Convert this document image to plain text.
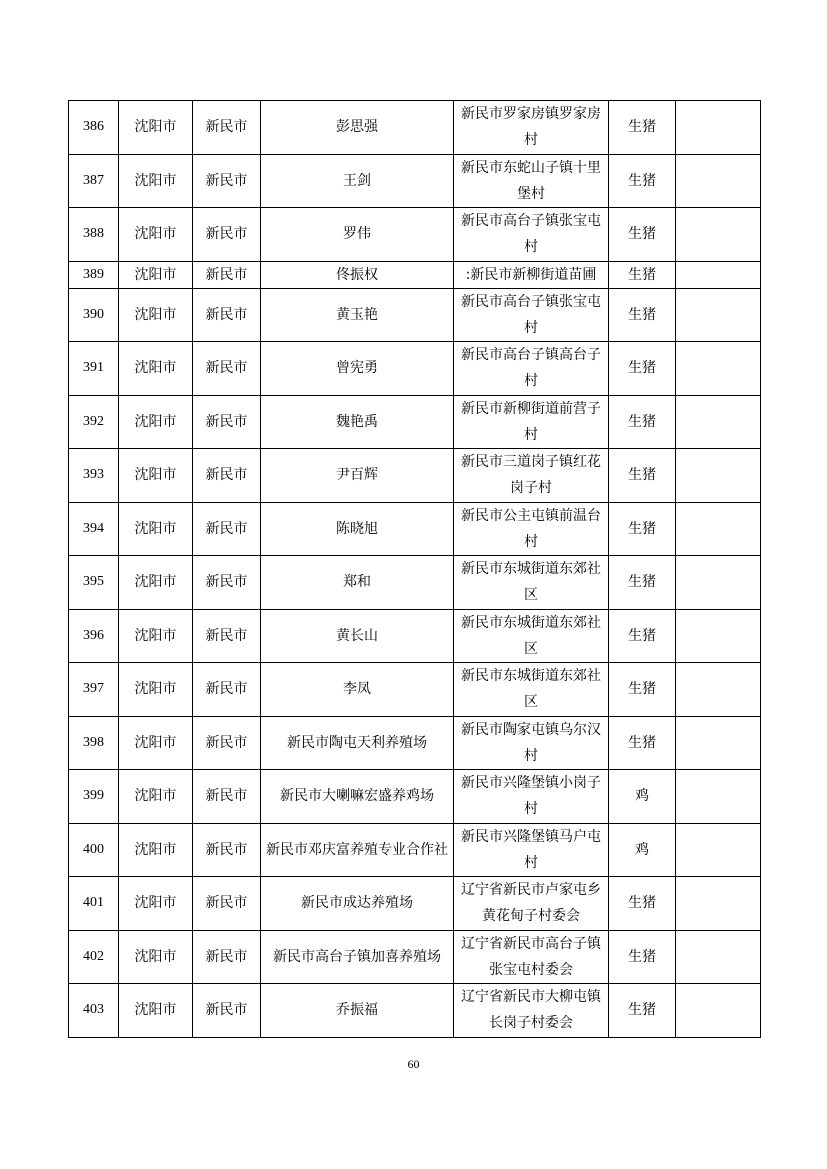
386	沈阳市	新民市	彭思强	新民市罗家房镇罗家房村	生猪	
387	沈阳市	新民市	王剑	新民市东蛇山子镇十里堡村	生猪	
388	沈阳市	新民市	罗伟	新民市高台子镇张宝屯村	生猪	
389	沈阳市	新民市	佟振权	:新民市新柳街道苗圃	生猪	
390	沈阳市	新民市	黄玉艳	新民市高台子镇张宝屯村	生猪	
391	沈阳市	新民市	曾宪勇	新民市高台子镇高台子村	生猪	
392	沈阳市	新民市	魏艳禹	新民市新柳街道前营子村	生猪	
393	沈阳市	新民市	尹百辉	新民市三道岗子镇红花岗子村	生猪	
394	沈阳市	新民市	陈晓旭	新民市公主屯镇前温台村	生猪	
395	沈阳市	新民市	郑和	新民市东城街道东郊社区	生猪	
396	沈阳市	新民市	黄长山	新民市东城街道东郊社区	生猪	
397	沈阳市	新民市	李凤	新民市东城街道东郊社区	生猪	
398	沈阳市	新民市	新民市陶屯天利养殖场	新民市陶家屯镇乌尔汉村	生猪	
399	沈阳市	新民市	新民市大喇嘛宏盛养鸡场	新民市兴隆堡镇小岗子村	鸡	
400	沈阳市	新民市	新民市邓庆富养殖专业合作社	新民市兴隆堡镇马户屯村	鸡	
401	沈阳市	新民市	新民市成达养殖场	辽宁省新民市卢家屯乡黄花甸子村委会	生猪	
402	沈阳市	新民市	新民市高台子镇加喜养殖场	辽宁省新民市高台子镇张宝屯村委会	生猪	
403	沈阳市	新民市	乔振福	辽宁省新民市大柳屯镇长岗子村委会	生猪	
60
